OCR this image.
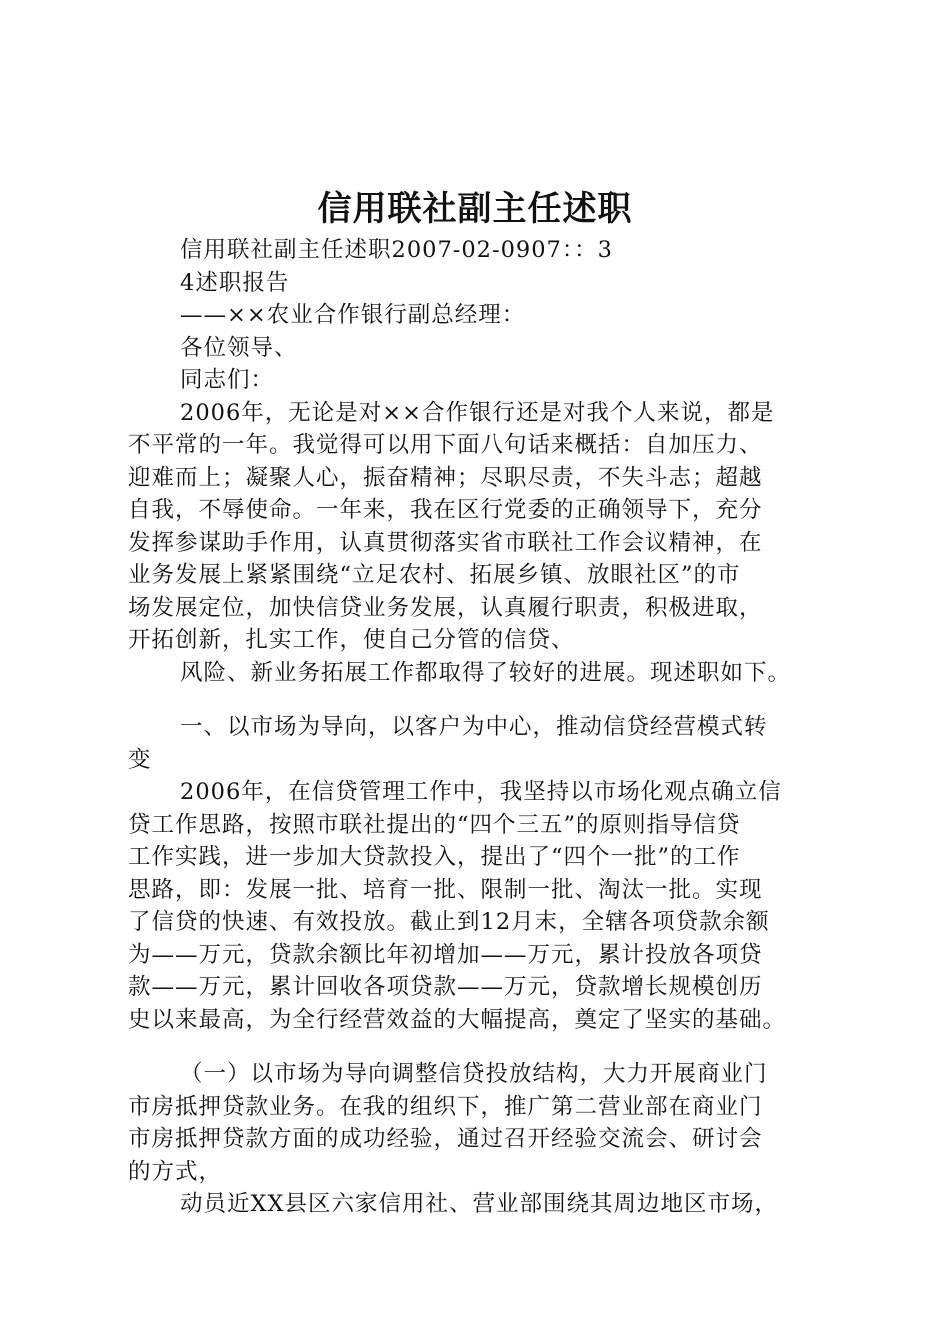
信用联社副主任述职
信用联社副主任述职2007-02-0907：：3
4述职报告
——××农业合作银行副总经理：
各位领导、
同志们：
2006年，无论是对××合作银行还是对我个人来说，都是
不平常的一年。我觉得可以用下面八句话来概括：自加压力、
迎难而上；凝聚人心，振奋精神；尽职尽责，不失斗志；超越
自我，不辱使命。一年来，我在区行党委的正确领导下，充分
发挥参谋助手作用，认真贯彻落实省市联社工作会议精神，在
业务发展上紧紧围绕“立足农村、拓展乡镇、放眼社区”的市
场发展定位，加快信贷业务发展，认真履行职责，积极进取，
开拓创新，扎实工作，使自己分管的信贷、
风险、新业务拓展工作都取得了较好的进展。现述职如下。
一、以市场为导向，以客户为中心，推动信贷经营模式转
变
2006年，在信贷管理工作中，我坚持以市场化观点确立信
贷工作思路，按照市联社提出的“四个三五”的原则指导信贷
工作实践，进一步加大贷款投入，提出了“四个一批”的工作
思路，即：发展一批、培育一批、限制一批、淘汰一批。实现
了信贷的快速、有效投放。截止到12月末，全辖各项贷款余额
为——万元，贷款余额比年初增加——万元，累计投放各项贷
款——万元，累计回收各项贷款——万元，贷款增长规模创历
史以来最高，为全行经营效益的大幅提高，奠定了坚实的基础。
（一）以市场为导向调整信贷投放结构，大力开展商业门
市房抵押贷款业务。在我的组织下，推广第二营业部在商业门
市房抵押贷款方面的成功经验，通过召开经验交流会、研讨会
的方式，
动员近XX县区六家信用社、营业部围绕其周边地区市场，
